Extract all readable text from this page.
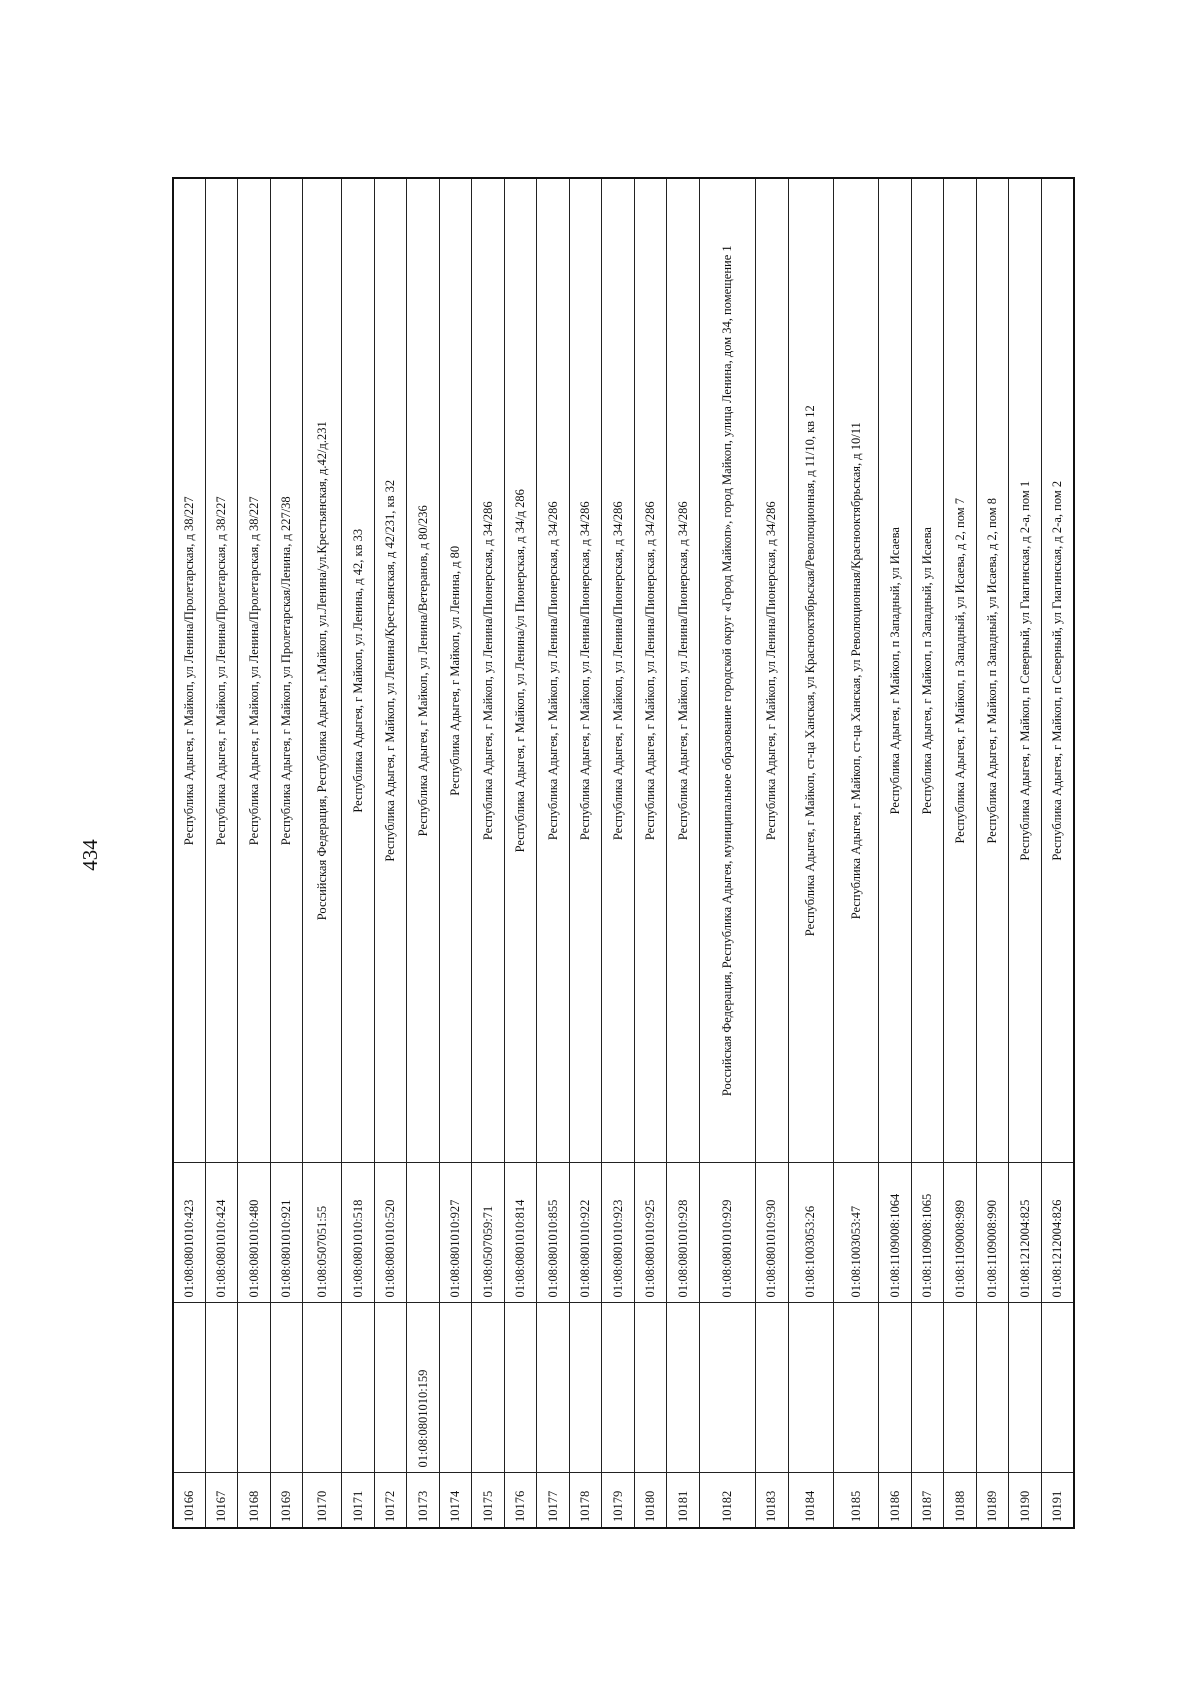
434
10166		01:08:0801010:423	Республика Адыгея, г Майкоп, ул Ленина/Пролетарская, д 38/227
10167		01:08:0801010:424	Республика Адыгея, г Майкоп, ул Ленина/Пролетарская, д 38/227
10168		01:08:0801010:480	Республика Адыгея, г Майкоп, ул Ленина/Пролетарская, д 38/227
10169		01:08:0801010:921	Республика Адыгея, г Майкоп, ул Пролетарская/Ленина, д 227/38
10170		01:08:0507051:55	Российская Федерация, Республика Адыгея, г.Майкоп, ул.Ленина/ул.Крестьянская, д.42/д.231
10171		01:08:0801010:518	Республика Адыгея, г Майкоп, ул Ленина, д 42, кв 33
10172		01:08:0801010:520	Республика Адыгея, г Майкоп, ул Ленина/Крестьянская, д 42/231, кв 32
10173	01:08:0801010:159		Республика Адыгея, г Майкоп, ул Ленина/Ветеранов, д 80/236
10174		01:08:0801010:927	Республика Адыгея, г Майкоп, ул Ленина, д 80
10175		01:08:0507059:71	Республика Адыгея, г Майкоп, ул Ленина/Пионерская, д 34/286
10176		01:08:0801010:814	Республика Адыгея, г Майкоп, ул Ленина/ул Пионерская, д 34/д 286
10177		01:08:0801010:855	Республика Адыгея, г Майкоп, ул Ленина/Пионерская, д 34/286
10178		01:08:0801010:922	Республика Адыгея, г Майкоп, ул Ленина/Пионерская, д 34/286
10179		01:08:0801010:923	Республика Адыгея, г Майкоп, ул Ленина/Пионерская, д 34/286
10180		01:08:0801010:925	Республика Адыгея, г Майкоп, ул Ленина/Пионерская, д 34/286
10181		01:08:0801010:928	Республика Адыгея, г Майкоп, ул Ленина/Пионерская, д 34/286
10182		01:08:0801010:929	Российская Федерация, Республика Адыгея, муниципальное образование городской округ «Город Майкоп», город Майкоп, улица Ленина, дом 34, помещение 1
10183		01:08:0801010:930	Республика Адыгея, г Майкоп, ул Ленина/Пионерская, д 34/286
10184		01:08:1003053:26	Республика Адыгея, г Майкоп, ст-ца Ханская, ул Краснооктябрьская/Революционная, д 11/10, кв 12
10185		01:08:1003053:47	Республика Адыгея, г Майкоп, ст-ца Ханская, ул Революционная/Краснооктябрьская, д 10/11
10186		01:08:1109008:1064	Республика Адыгея, г Майкоп, п Западный, ул Исаева
10187		01:08:1109008:1065	Республика Адыгея, г Майкоп, п Западный, ул Исаева
10188		01:08:1109008:989	Республика Адыгея, г Майкоп, п Западный, ул Исаева, д 2, пом 7
10189		01:08:1109008:990	Республика Адыгея, г Майкоп, п Западный, ул Исаева, д 2, пом 8
10190		01:08:1212004:825	Республика Адыгея, г Майкоп, п Северный, ул Гиагинская, д 2-а, пом 1
10191		01:08:1212004:826	Республика Адыгея, г Майкоп, п Северный, ул Гиагинская, д 2-а, пом 2
